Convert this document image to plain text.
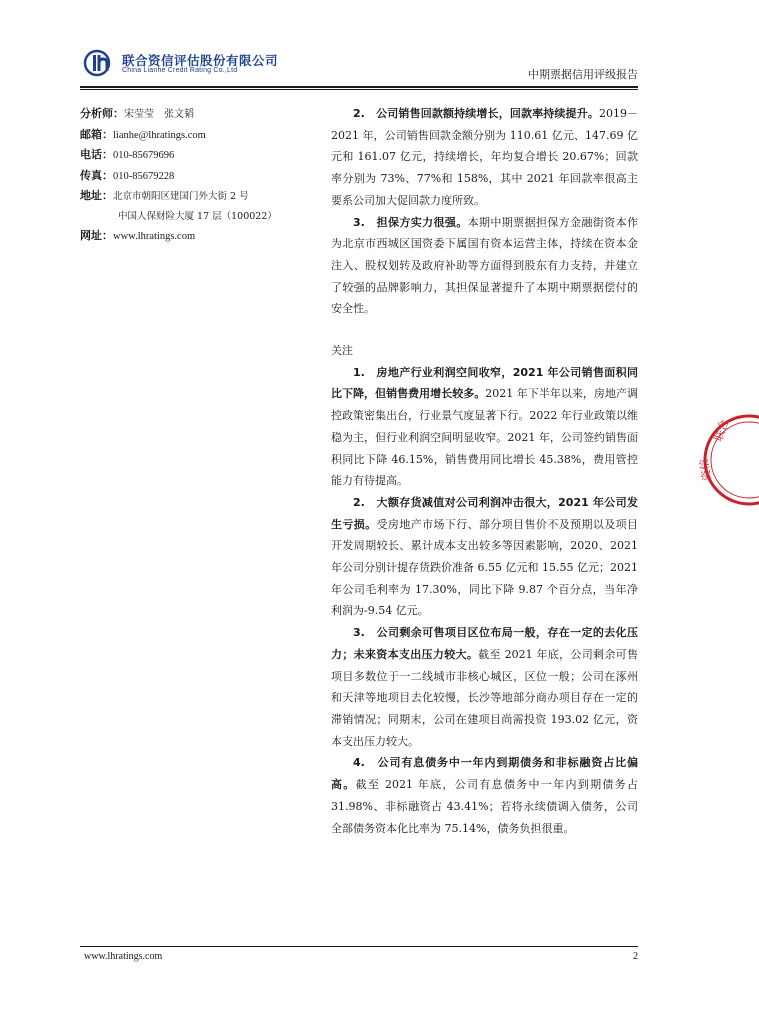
联合资信评估股份有限公司
China Lianhe Credit Rating Co.,Ltd	中期票据信用评级报告
分析师：宋莹莹　张文韬
邮箱：lianhe@lhratings.com
电话：010-85679696
传真：010-85679228
地址：北京市朝阳区建国门外大街 2 号
中国人保财险大厦 17 层（100022）
网址：www.lhratings.com

2.　公司销售回款额持续增长，回款率持续提升。2019－2021 年，公司销售回款金额分别为 110.61 亿元、147.69 亿元和 161.07 亿元，持续增长，年均复合增长 20.67%；回款率分别为 73%、77%和 158%，其中 2021 年回款率很高主要系公司加大促回款力度所致。

3.　担保方实力很强。本期中期票据担保方金融街资本作为北京市西城区国资委下属国有资本运营主体，持续在资本金注入、股权划转及政府补助等方面得到股东有力支持，并建立了较强的品牌影响力，其担保显著提升了本期中期票据偿付的安全性。

关注

1.　房地产行业利润空间收窄，2021 年公司销售面积同比下降，但销售费用增长较多。2021 年下半年以来，房地产调控政策密集出台，行业景气度显著下行。2022 年行业政策以维稳为主，但行业利润空间明显收窄。2021 年，公司签约销售面积同比下降 46.15%，销售费用同比增长 45.38%，费用管控能力有待提高。

2.　大额存货减值对公司利润冲击很大，2021 年公司发生亏损。受房地产市场下行、部分项目售价不及预期以及项目开发周期较长、累计成本支出较多等因素影响，2020、2021 年公司分别计提存货跌价准备 6.55 亿元和 15.55 亿元；2021 年公司毛利率为 17.30%，同比下降 9.87 个百分点，当年净利润为-9.54 亿元。

3.　公司剩余可售项目区位布局一般，存在一定的去化压力；未来资本支出压力较大。截至 2021 年底，公司剩余可售项目多数位于一二线城市非核心城区，区位一般；公司在涿州和天津等地项目去化较慢，长沙等地部分商办项目存在一定的滞销情况；同期末，公司在建项目尚需投资 193.02 亿元，资本支出压力较大。

4.　公司有息债务中一年内到期债务和非标融资占比偏高。截至 2021 年底，公司有息债务中一年内到期债务占 31.98%、非标融资占 43.41%；若将永续债调入债务，公司全部债务资本化比率为 75.14%，债务负担很重。

联合
资信
www.lhratings.com	2
